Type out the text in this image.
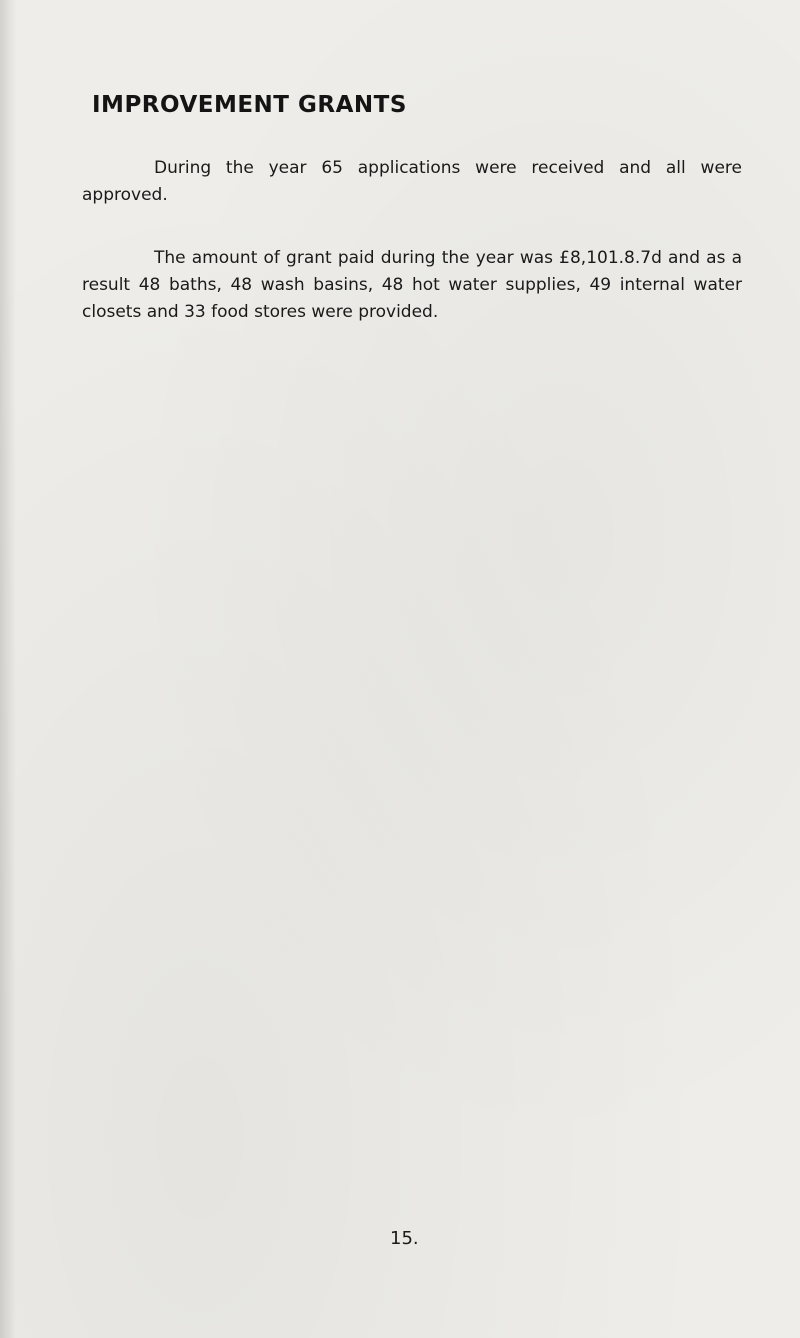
IMPROVEMENT GRANTS

During the year 65 applications were received and all were approved.

The amount of grant paid during the year was £8,101.8.7d and as a result 48 baths, 48 wash basins, 48 hot water supplies, 49 internal water closets and 33 food stores were provided.

15.
